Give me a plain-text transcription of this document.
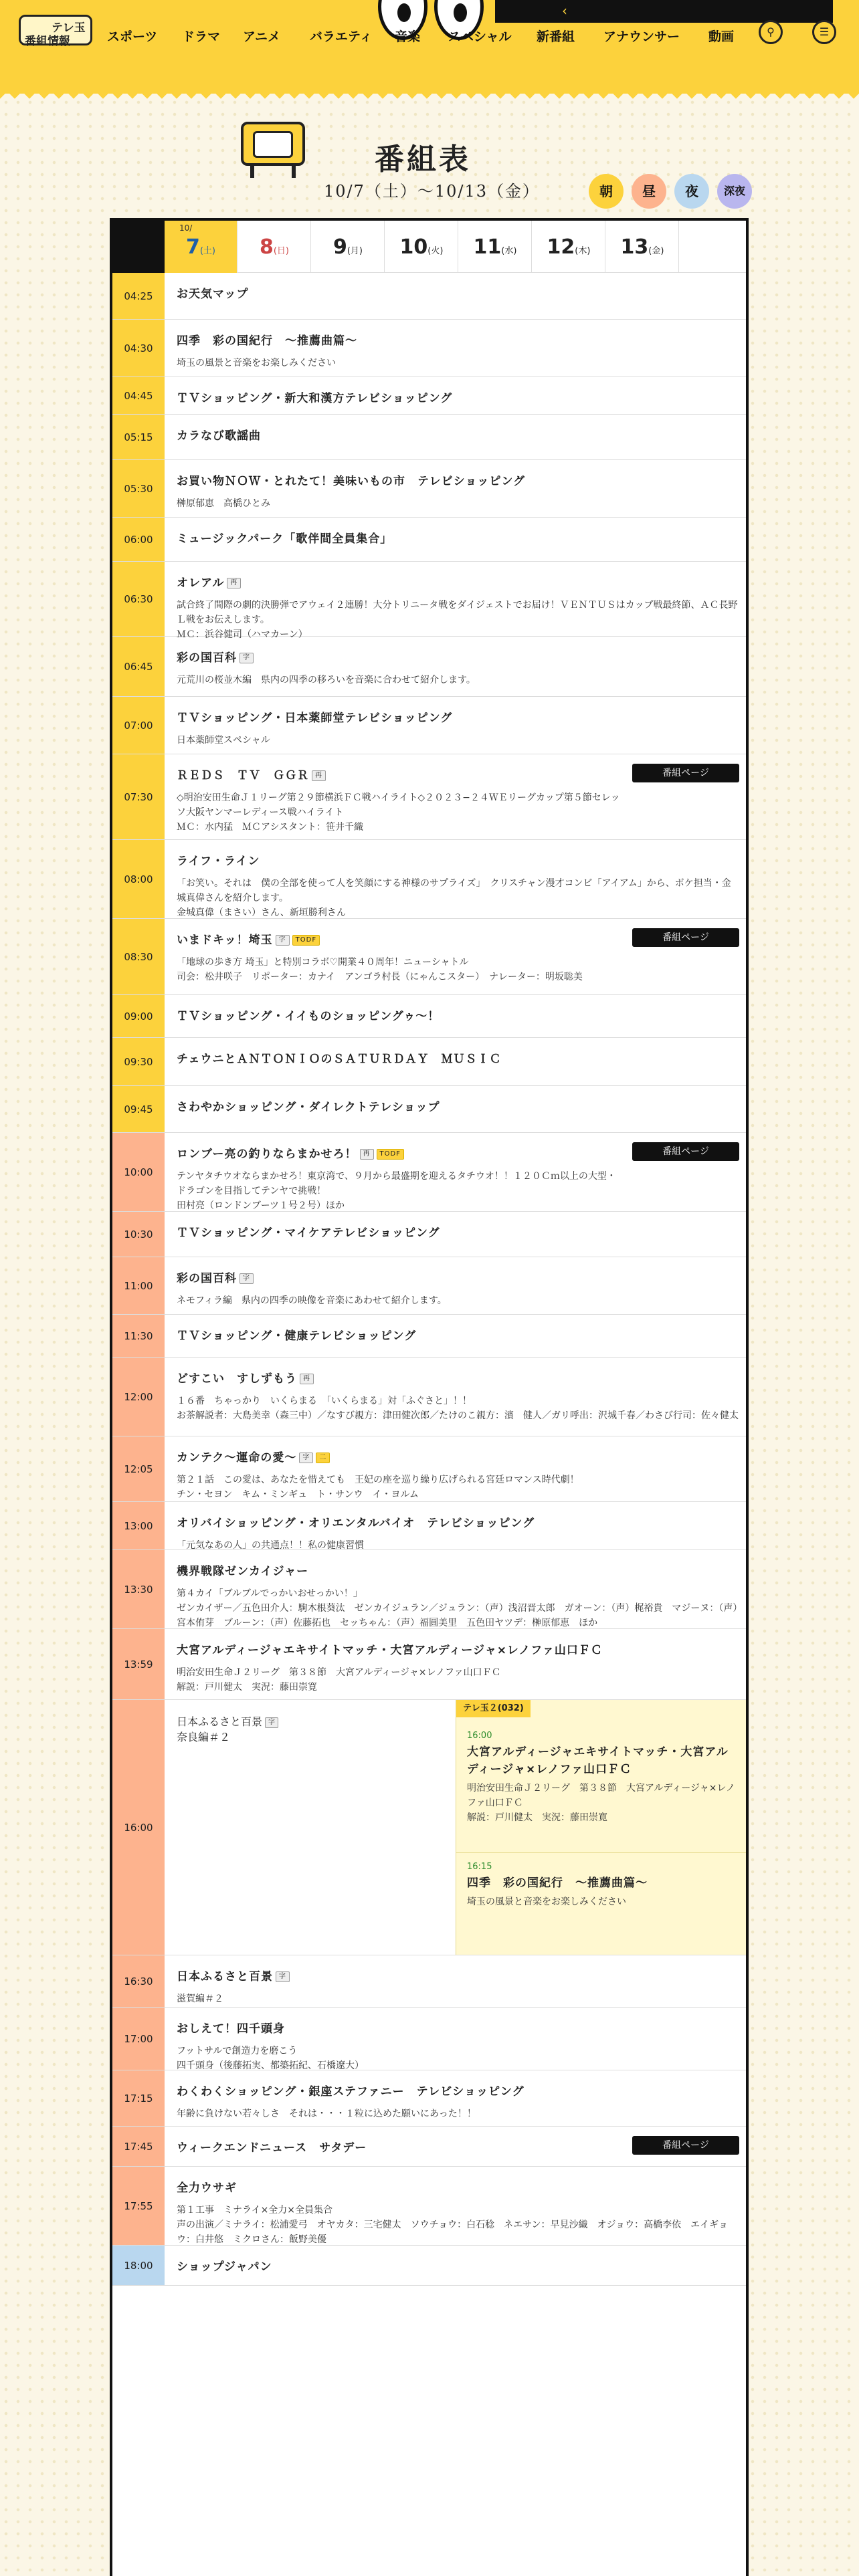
テレ玉
番組情報
‹
スポーツ ドラマ アニメ バラエティ 音楽 スペシャル 新番組 アナウンサー 動画	⚲	☰
番組表
10/7（土）〜10/13（金）	朝	昼	夜	深夜
10/
7(土)	8(日)	9(月)	10(火)	11(水)	12(木)	13(金)
04:25	お天気マップ
04:30
四季　彩の国紀行　〜推薦曲篇〜
埼玉の風景と音楽をお楽しみください
04:45	ＴＶショッピング・新大和漢方テレビショッピング
05:15	カラなび歌謡曲
05:30
お買い物ＮＯＷ・とれたて！美味いもの市　テレビショッピング
榊原郁恵　高橋ひとみ
06:00	ミュージックパーク「歌伴間全員集合」
06:30
オレアル 再
試合終了間際の劇的決勝弾でアウェイ２連勝！大分トリニータ戦をダイジェストでお届け！ＶＥＮＴＵＳはカップ戦最終節、ＡＣ長野Ｌ戦をお伝えします。
ＭＣ：浜谷健司（ハマカーン）
06:45
彩の国百科 字
元荒川の桜並木編　県内の四季の移ろいを音楽に合わせて紹介します。
07:00
ＴＶショッピング・日本薬師堂テレビショッピング
日本薬師堂スペシャル
07:30
ＲＥＤＳ　ＴＶ　ＧＧＲ 再
◇明治安田生命Ｊ１リーグ第２９節横浜ＦＣ戦ハイライト◇２０２３−２４ＷＥリーグカップ第５節セレッソ大阪ヤンマーレディース戦ハイライト
ＭＣ：水内猛　ＭＣアシスタント：笹井千織
番組ページ
08:00
ライフ・ライン
「お笑い。それは　僕の全部を使って人を笑顔にする神様のサプライズ」　クリスチャン漫才コンビ「アイアム」から、ボケ担当・金城真偉さんを紹介します。
金城真偉（まさい）さん、新垣勝利さん
08:30
いまドキッ！埼玉 字 TODF
「地球の歩き方 埼玉」と特別コラボ♡開業４０周年！ニューシャトル
司会：松井咲子　リポーター：カナイ　アンゴラ村長（にゃんこスター）　ナレーター：明坂聡美
番組ページ
09:00	ＴＶショッピング・イイものショッピングゥ〜！
09:30	チェウニとＡＮＴＯＮＩＯのＳＡＴＵＲＤＡＹ　ＭＵＳＩＣ
09:45	さわやかショッピング・ダイレクトテレショップ
10:00
ロンブー亮の釣りならまかせろ！ 再 TODF
テンヤタチウオならまかせろ！東京湾で、９月から最盛期を迎えるタチウオ！！１２０Ｃｍ以上の大型・ドラゴンを目指してテンヤで挑戦！
田村亮（ロンドンブーツ１号２号）ほか
番組ページ
10:30	ＴＶショッピング・マイケアテレビショッピング
11:00
彩の国百科 字
ネモフィラ編　県内の四季の映像を音楽にあわせて紹介します。
11:30	ＴＶショッピング・健康テレビショッピング
12:00
どすこい　すしずもう 再
１６番　ちゃっかり　いくらまる　「いくらまる」対「ふぐさと」！！
お茶解説者：大島美幸（森三中）／なすび親方：津田健次郎／たけのこ親方：濱　健人／ガリ呼出：沢城千春／わさび行司：佐々健太
12:05
カンテク〜運命の愛〜 字 二
第２１話　この愛は、あなたを惜えても　王妃の座を巡り繰り広げられる宮廷ロマンス時代劇！
チン・セヨン　キム・ミンギュ　ト・サンウ　イ・ヨルム
13:00	オリバイショッピング・オリエンタルバイオ　テレビショッピング
「元気なあの人」の共通点！！私の健康習慣
13:30
機界戦隊ゼンカイジャー
第４カイ「ブルブルでっかいおせっかい！」
ゼンカイザー／五色田介人：駒木根葵汰　ゼンカイジュラン／ジュラン：（声）浅沼晋太郎　ガオーン：（声）梶裕貴　マジーヌ：（声）宮本侑芽　ブルーン：（声）佐藤拓也　セッちゃん：（声）福圓美里　五色田ヤツデ：榊原郁恵　ほか
13:59
大宮アルディージャエキサイトマッチ・大宮アルディージャ×レノファ山口ＦＣ
明治安田生命Ｊ２リーグ　第３８節　大宮アルディージャ×レノファ山口ＦＣ
解説：戸川健太　実況：藤田崇寛
16:00
日本ふるさと百景 字
奈良編＃２
テレ玉２(032)
16:00
大宮アルディージャエキサイトマッチ・大宮アルディージャ×レノファ山口ＦＣ
明治安田生命Ｊ２リーグ　第３８節　大宮アルディージャ×レノファ山口ＦＣ
解説：戸川健太　実況：藤田崇寛
16:15
四季　彩の国紀行　〜推薦曲篇〜
埼玉の風景と音楽をお楽しみください
16:30	日本ふるさと百景 字
滋賀編＃２
17:00
おしえて！四千頭身
フットサルで創造力を磨こう
四千頭身（後藤拓実、都築拓紀、石橋遼大）
17:15	わくわくショッピング・銀座ステファニー　テレビショッピング
年齢に負けない若々しさ　それは・・・１粒に込めた願いにあった！！
17:45	ウィークエンドニュース　サタデー	番組ページ
17:55
全力ウサギ
第１工事　ミナライ×全力×全員集合
声の出演／ミナライ：松浦愛弓　オヤカタ：三宅健太　ソウチョウ：白石稔　ネエサン：早見沙織　オジョウ：高橋李依　エイギョウ：白井悠　ミクロさん：飯野美優
18:00	ショップジャパン
